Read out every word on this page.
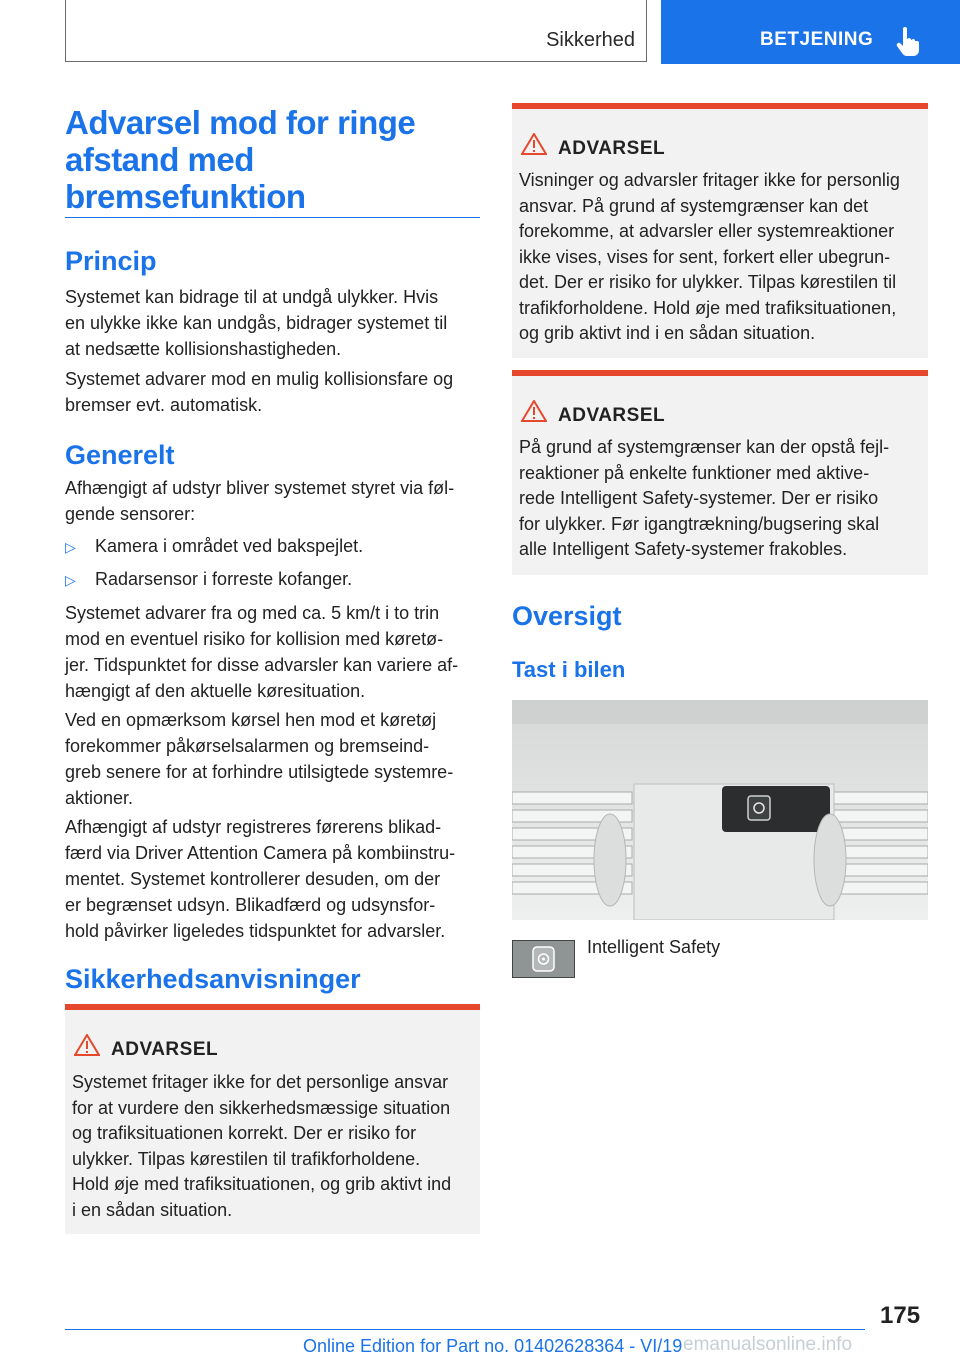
Sikkerhed	BETJENING
Advarsel mod for ringe
afstand med
bremsefunktion
Princip
Systemet kan bidrage til at undgå ulykker. Hvis
en ulykke ikke kan undgås, bidrager systemet til
at nedsætte kollisionshastigheden.
Systemet advarer mod en mulig kollisionsfare og
bremser evt. automatisk.
Generelt
Afhængigt af udstyr bliver systemet styret via føl-
gende sensorer:
▷ Kamera i området ved bakspejlet.
▷ Radarsensor i forreste kofanger.
Systemet advarer fra og med ca. 5 km/t i to trin
mod en eventuel risiko for kollision med køretø-
jer. Tidspunktet for disse advarsler kan variere af-
hængigt af den aktuelle køresituation.
Ved en opmærksom kørsel hen mod et køretøj
forekommer påkørselsalarmen og bremseind-
greb senere for at forhindre utilsigtede systemre-
aktioner.
Afhængigt af udstyr registreres førerens blikad-
færd via Driver Attention Camera på kombiinstru-
mentet. Systemet kontrollerer desuden, om der
er begrænset udsyn. Blikadfærd og udsynsfor-
hold påvirker ligeledes tidspunktet for advarsler.
Sikkerhedsanvisninger
ADVARSEL
Systemet fritager ikke for det personlige ansvar
for at vurdere den sikkerhedsmæssige situation
og trafiksituationen korrekt. Der er risiko for
ulykker. Tilpas kørestilen til trafikforholdene.
Hold øje med trafiksituationen, og grib aktivt ind
i en sådan situation.
ADVARSEL
Visninger og advarsler fritager ikke for personlig
ansvar. På grund af systemgrænser kan det
forekomme, at advarsler eller systemreaktioner
ikke vises, vises for sent, forkert eller ubegrun-
det. Der er risiko for ulykker. Tilpas kørestilen til
trafikforholdene. Hold øje med trafiksituationen,
og grib aktivt ind i en sådan situation.
ADVARSEL
På grund af systemgrænser kan der opstå fejl-
reaktioner på enkelte funktioner med aktive-
rede Intelligent Safety-systemer. Der er risiko
for ulykker. Før igangtrækning/bugsering skal
alle Intelligent Safety-systemer frakobles.
Oversigt
Tast i bilen
Intelligent Safety
175
Online Edition for Part no. 01402628364 - VI/19 emanualsonline.info
